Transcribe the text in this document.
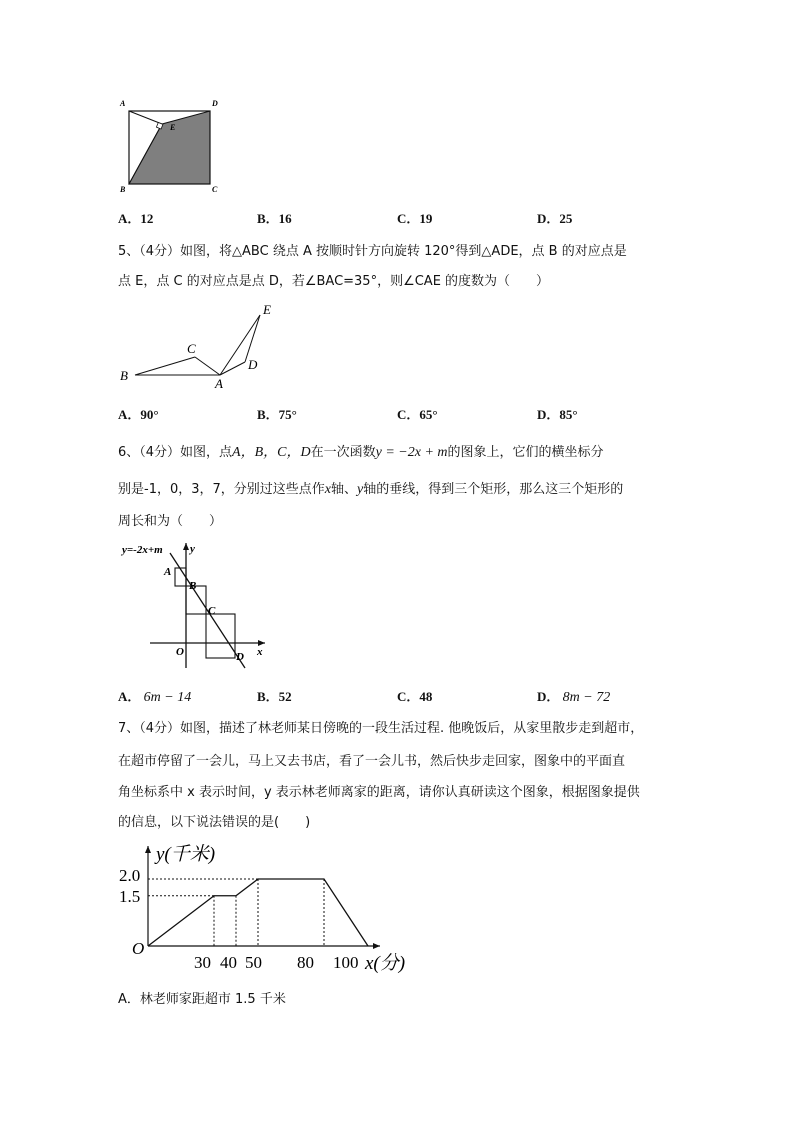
A	D
E
B	C
A．12	B．16	C．19	D．25
5、（4分）如图，将△ABC 绕点 A 按顺时针方向旋转 120°得到△ADE，点 B 的对应点是
点 E，点 C 的对应点是点 D，若∠BAC=35°，则∠CAE 的度数为（　　）
E
C
D
B
A
A．90°	B．75°	C．65°	D．85°
6、（4分）如图，点A，B，C，D在一次函数y = −2x + m的图象上，它们的横坐标分
别是-1，0，3，7，分别过这些点作x轴、y轴的垂线，得到三个矩形，那么这三个矩形的
周长和为（　　）
y=-2x+m y
A
B
C
O	D x
A． 6m − 14	B．52	C．48	D． 8m − 72
7、（4分）如图，描述了林老师某日傍晚的一段生活过程. 他晚饭后，从家里散步走到超市，
在超市停留了一会儿，马上又去书店，看了一会儿书，然后快步走回家，图象中的平面直
角坐标系中 x 表示时间，y 表示林老师离家的距离，请你认真研读这个图象，根据图象提供
的信息，以下说法错误的是(　　)
y(千米)
2.0
1.5
O
30 40 50 80 100 x(分)
A．林老师家距超市 1.5 千米
